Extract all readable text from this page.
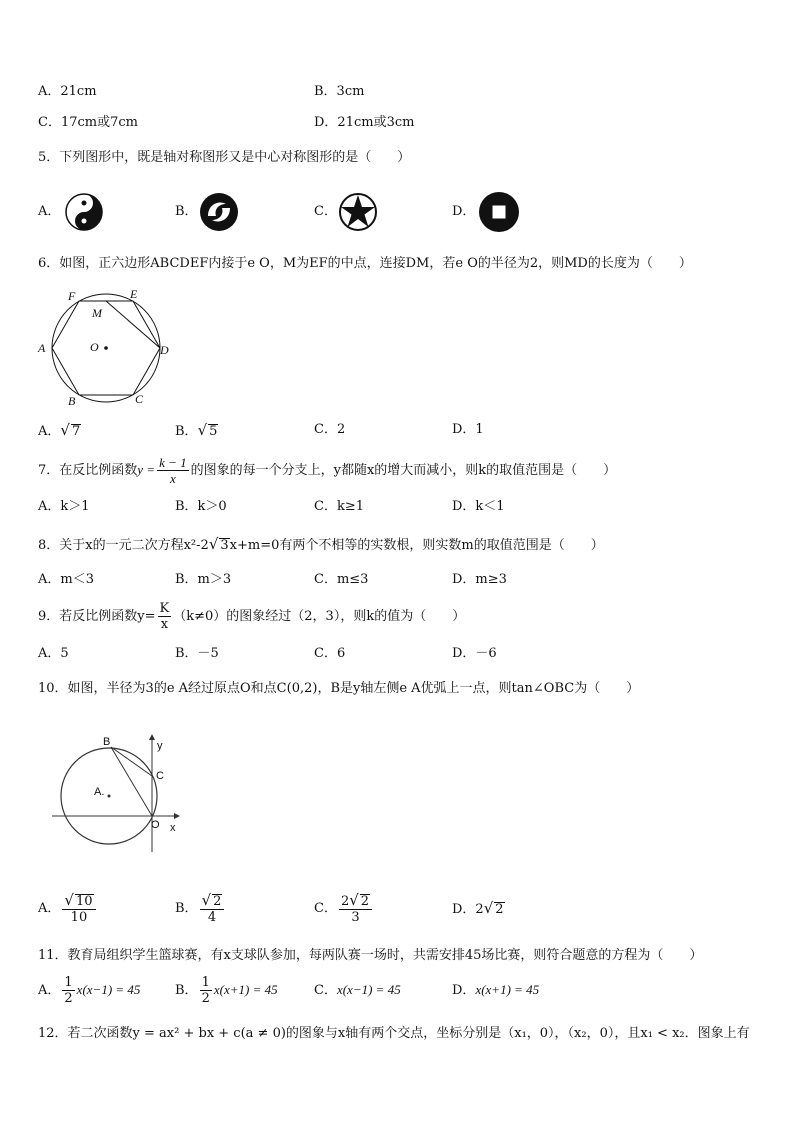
A．21cm	B．3cm
C．17cm或7cm	D．21cm或3cm
5．下列图形中，既是轴对称图形又是中心对称图形的是（　　）
A．	B．	C．	D．
6．如图，正六边形ABCDEF内接于e O，M为EF的中点，连接DM，若e O的半径为2，则MD的长度为（　　）
F	E
M
A	O	D
B	C
A．√ 7	B．√ 5	C．2	D．1
7．在反比例函数$y = \frac{k - 1}{x}$ 的图象的每一个分支上，y都随x的增大而减小，则k的取值范围是（　　）
A．k＞1	B．k＞0	C．k≥1	D．k＜1
8．关于x的一元二次方程x²-2√ 3x+m=0有两个不相等的实数根，则实数m的取值范围是（　　）
A．m＜3	B．m＞3	C．m≤3	D．m≥3
9．若反比例函数$y= \frac{K}{x} (k\ne 0)$的图象经过（2，3），则k的值为（　　）
A．5	B．－5	C．6	D．－6
10．如图，半径为3的e A经过原点O和点C(0,2)，B是y轴左侧e A优弧上一点，则tan∠OBC为（　　）
B	y
C
A.
O x
A． $\frac{√ 10}{10}$	B． $\frac{√ 2}{4}$	C． $\frac{2√ 2}{3}$	D．2√ 2
11．教育局组织学生篮球赛，有x支球队参加，每两队赛一场时，共需安排45场比赛，则符合题意的方程为（　　）
A． $\frac{1}{2} x(x-1) = 45$	B． $\frac{1}{2} x(x+1) = 45$	C．x(x−1) = 45	D．x(x+1) = 45
12．若二次函数y = ax² + bx + c(a ≠ 0)的图象与x轴有两个交点，坐标分别是（x₁，0），（x₂，0），且x₁ < x₂．图象上有
